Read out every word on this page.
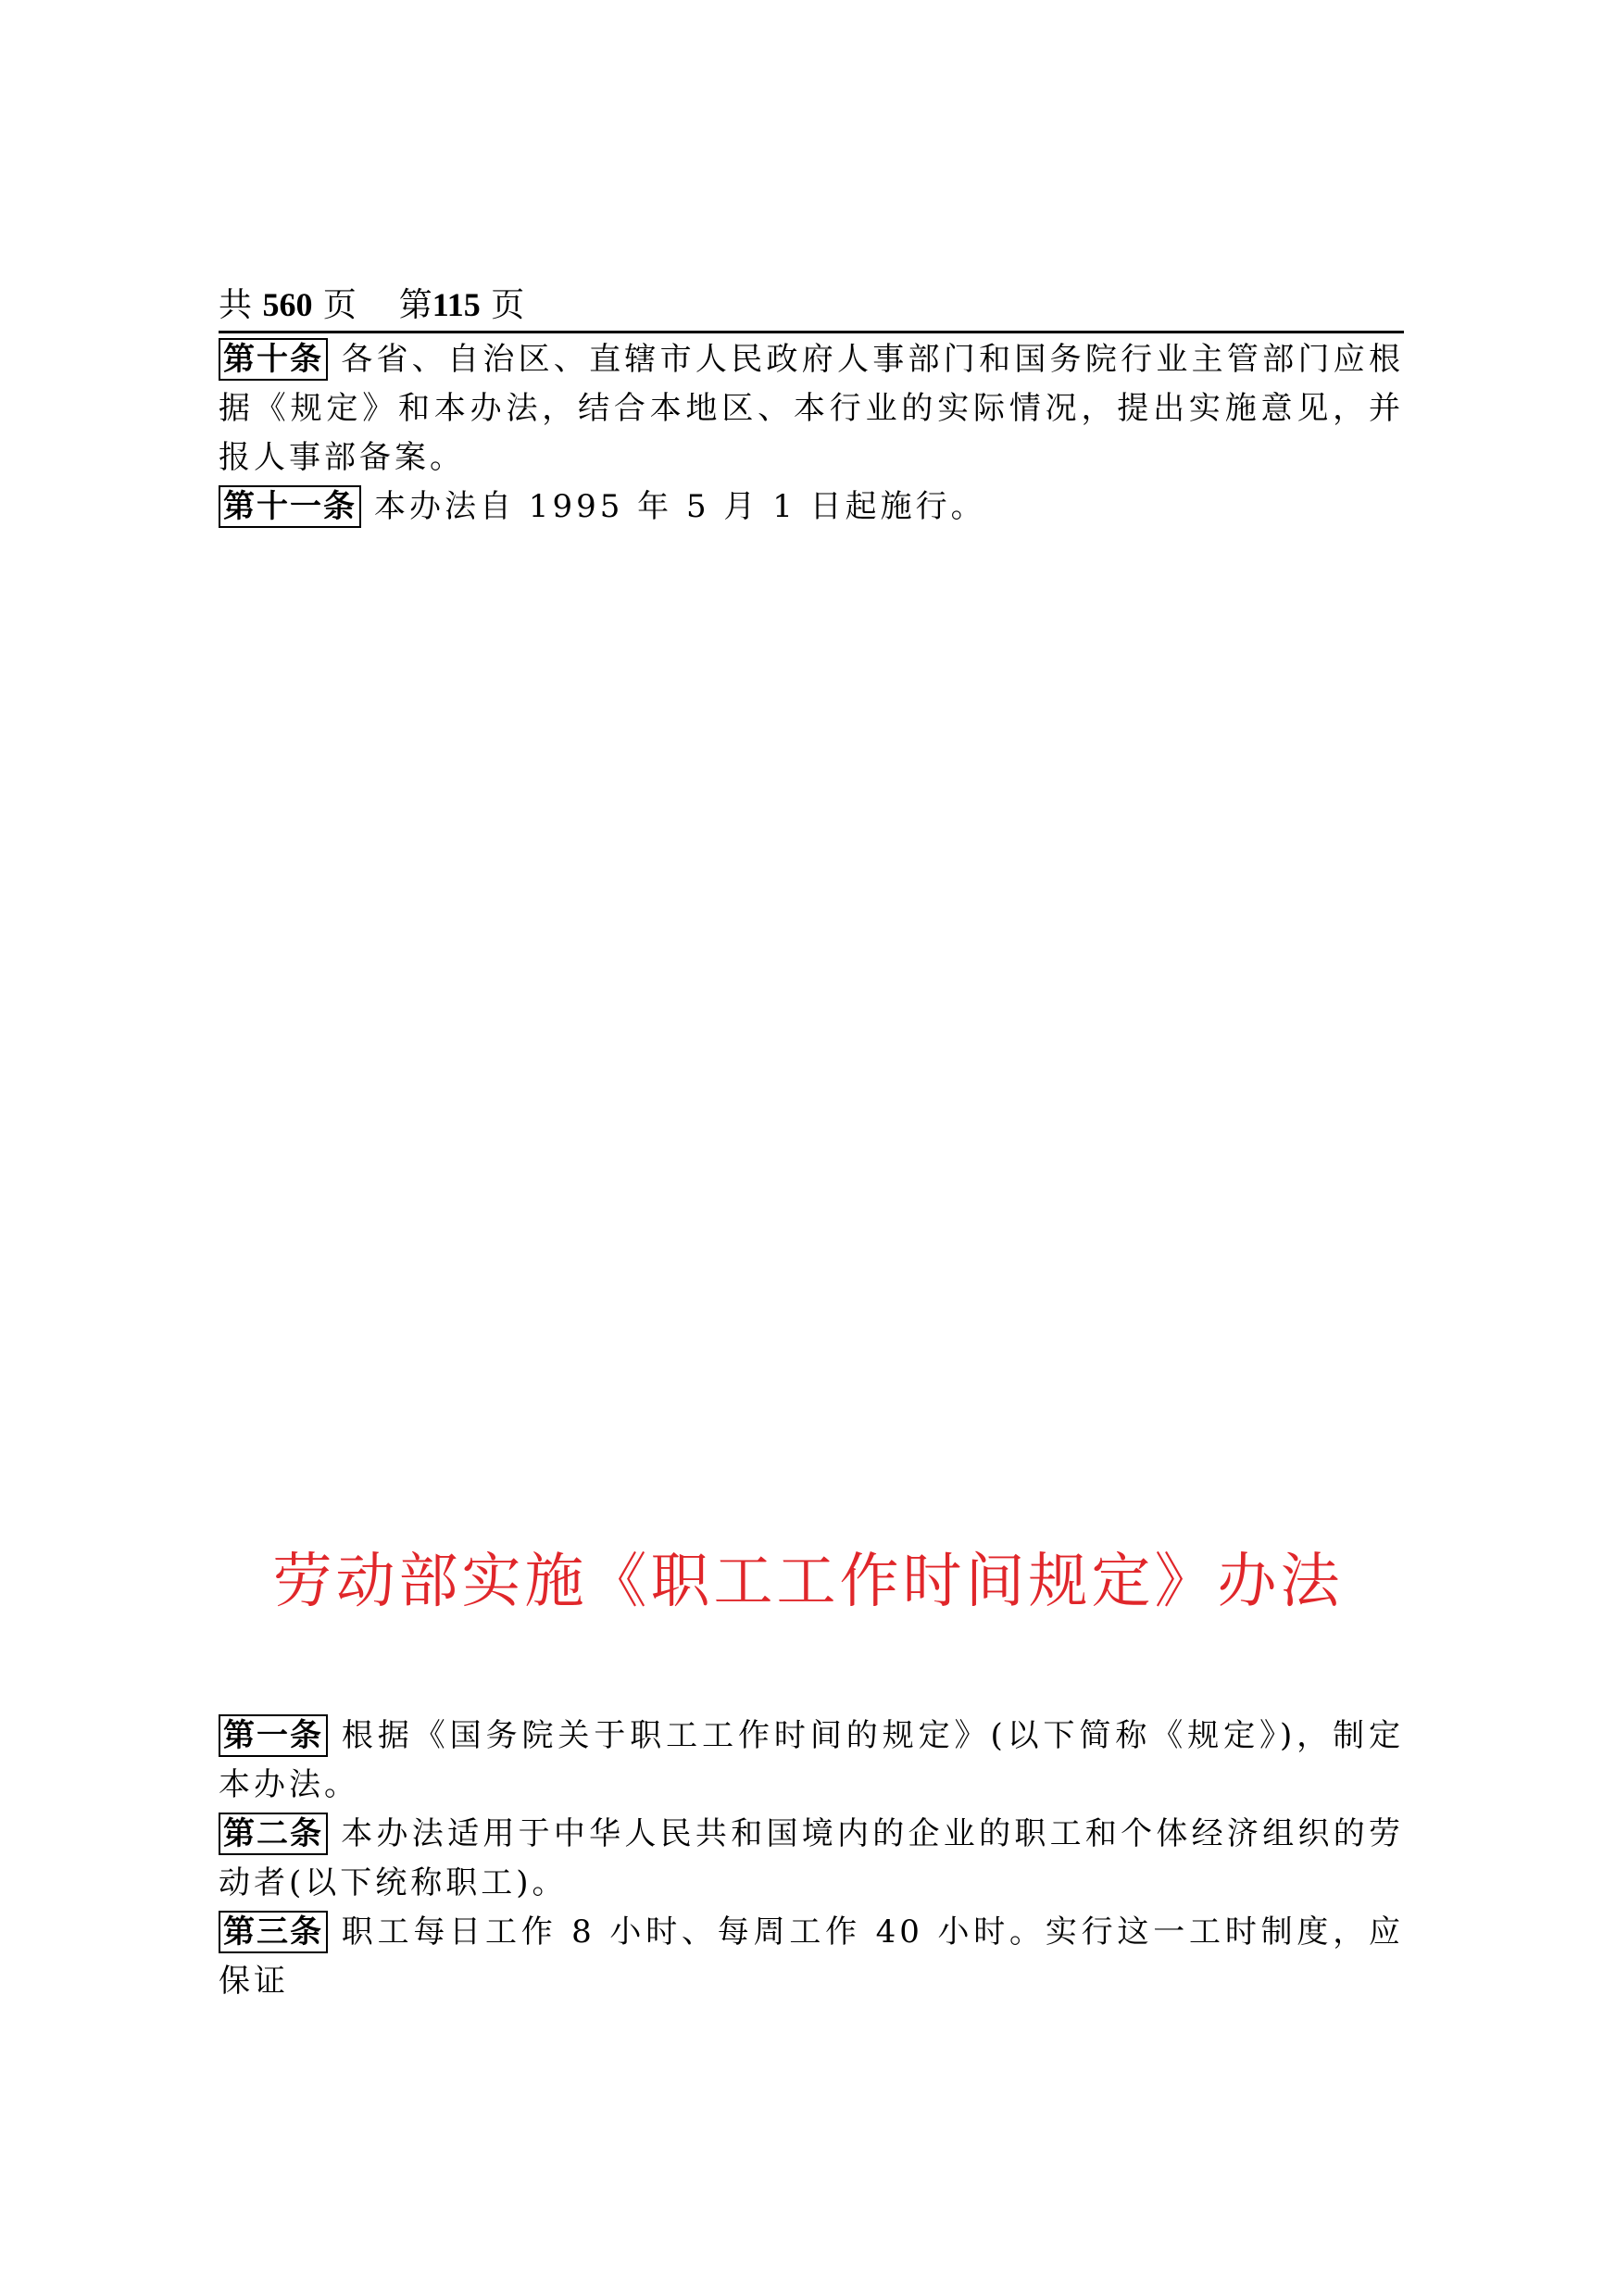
共 560 页 第115 页
第十条 各省、自治区、直辖市人民政府人事部门和国务院行业主管部门应根据《规定》和本办法，结合本地区、本行业的实际情况，提出实施意见，并报人事部备案。
第十一条 本办法自 1995 年 5 月 1 日起施行。
劳动部实施《职工工作时间规定》办法
第一条 根据《国务院关于职工工作时间的规定》(以下简称《规定》)，制定本办法。
第二条 本办法适用于中华人民共和国境内的企业的职工和个体经济组织的劳动者(以下统称职工)。
第三条 职工每日工作 8 小时、每周工作 40 小时。实行这一工时制度，应保证
